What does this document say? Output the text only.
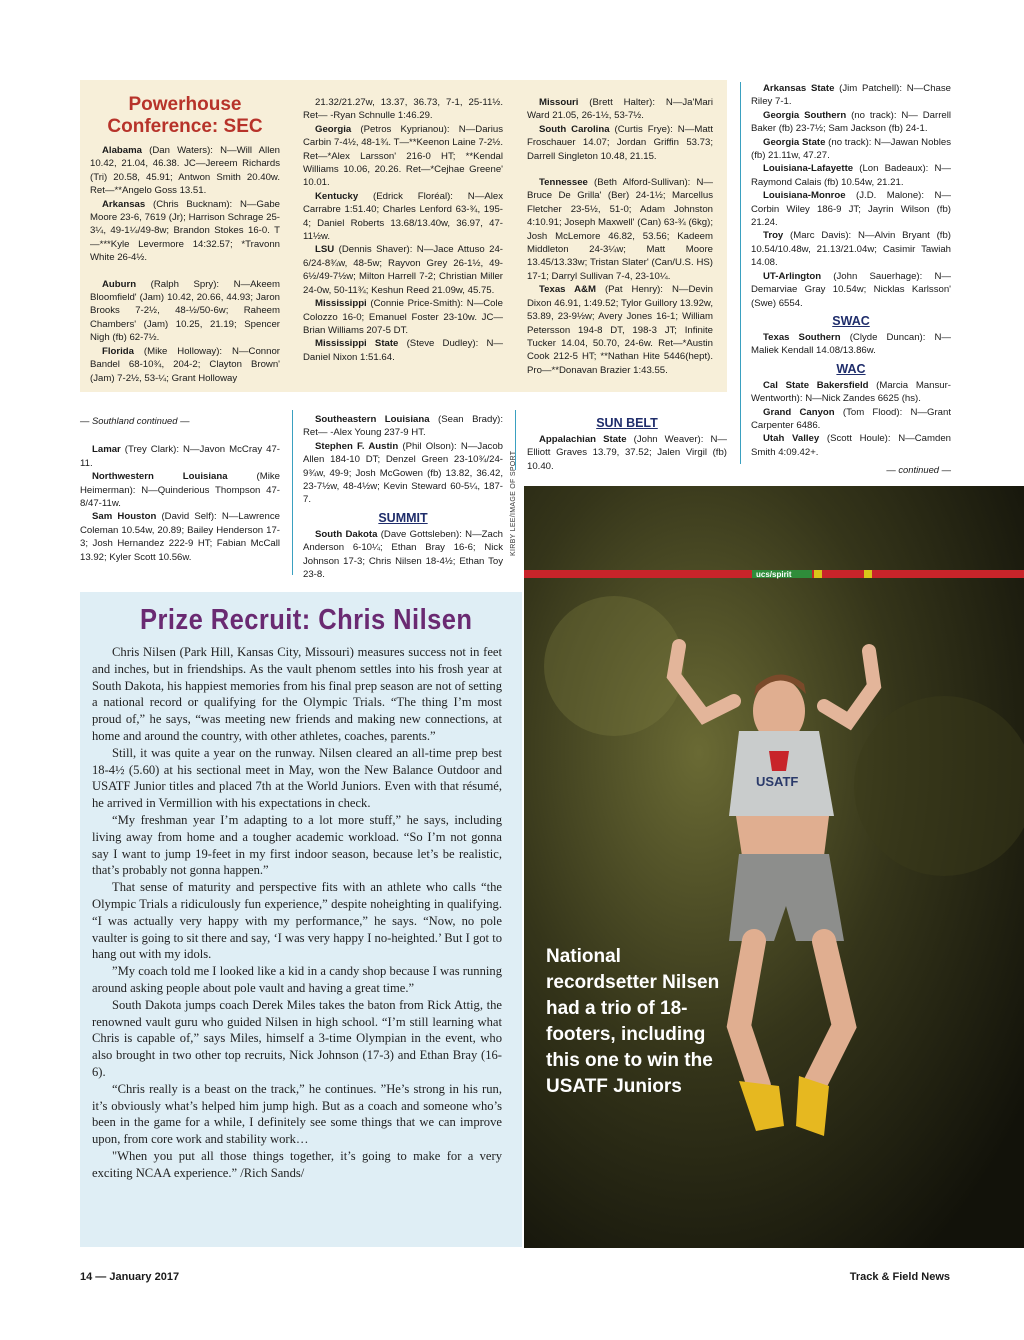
Powerhouse Conference: SEC

Alabama (Dan Waters): N—Will Allen 10.42, 21.04, 46.38. JC—Jereem Richards (Tri) 20.58, 45.91; Antwon Smith 20.40w. Ret—**Angelo Goss 13.51.

Arkansas (Chris Bucknam): N—Gabe Moore 23-6, 7619 (Jr); Harrison Schrage 25-3¼, 49-1¼/49-8w; Brandon Stokes 16-0. T—***Kyle Levermore 14:32.57; *Travonn White 26-4½.

Auburn (Ralph Spry): N—Akeem Bloomfield' (Jam) 10.42, 20.66, 44.93; Jaron Brooks 7-2½, 48-½/50-6w; Raheem Chambers' (Jam) 10.25, 21.19; Spencer Nigh (fb) 62-7½.

Florida (Mike Holloway): N—Connor Bandel 68-10¾, 204-2; Clayton Brown' (Jam) 7-2½, 53-¼; Grant Holloway

21.32/21.27w, 13.37, 36.73, 7-1, 25-11½. Ret— -Ryan Schnulle 1:46.29.

Georgia (Petros Kyprianou): N—Darius Carbin 7-4½, 48-1¾. T—**Keenon Laine 7-2½. Ret—*Alex Larsson' 216-0 HT; **Kendal Williams 10.06, 20.26. Ret—*Cejhae Greene' 10.01.

Kentucky (Edrick Floréal): N—Alex Carrabre 1:51.40; Charles Lenford 63-¾, 195-4; Daniel Roberts 13.68/13.40w, 36.97, 47-11½w.

LSU (Dennis Shaver): N—Jace Attuso 24-6/24-8¾w, 48-5w; Rayvon Grey 26-1½, 49-6½/49-7½w; Milton Harrell 7-2; Christian Miller 24-0w, 50-11¾; Keshun Reed 21.09w, 45.75.

Mississippi (Connie Price-Smith): N—Cole Colozzo 16-0; Emanuel Foster 23-10w. JC—Brian Williams 207-5 DT.

Mississippi State (Steve Dudley): N—Daniel Nixon 1:51.64.

Missouri (Brett Halter): N—Ja'Mari Ward 21.05, 26-1½, 53-7½.

South Carolina (Curtis Frye): N—Matt Froschauer 14.07; Jordan Griffin 53.73; Darrell Singleton 10.48, 21.15.

Tennessee (Beth Alford-Sullivan): N—Bruce De Grilla' (Ber) 24-1½; Marcellus Fletcher 23-5½, 51-0; Adam Johnston 4:10.91; Joseph Maxwell' (Can) 63-¾ (6kg); Josh McLemore 46.82, 53.56; Kadeem Middleton 24-3¼w; Matt Moore 13.45/13.33w; Tristan Slater' (Can/U.S. HS) 17-1; Darryl Sullivan 7-4, 23-10¼.

Texas A&M (Pat Henry): N—Devin Dixon 46.91, 1:49.52; Tylor Guillory 13.92w, 53.89, 23-9½w; Avery Jones 16-1; William Petersson 194-8 DT, 198-3 JT; Infinite Tucker 14.04, 50.70, 24-6w. Ret—*Austin Cook 212-5 HT; **Nathan Hite 5446(hept). Pro—**Donavan Brazier 1:43.55.

Arkansas State (Jim Patchell): N—Chase Riley 7-1.

Georgia Southern (no track): N— Darrell Baker (fb) 23-7½; Sam Jackson (fb) 24-1.

Georgia State (no track): N—Jawan Nobles (fb) 21.11w, 47.27.

Louisiana-Lafayette (Lon Badeaux): N—Raymond Calais (fb) 10.54w, 21.21.

Louisiana-Monroe (J.D. Malone): N—Corbin Wiley 186-9 JT; Jayrin Wilson (fb) 21.24.

Troy (Marc Davis): N—Alvin Bryant (fb) 10.54/10.48w, 21.13/21.04w; Casimir Tawiah 14.08.

UT-Arlington (John Sauerhage): N—Demarviae Gray 10.54w; Nicklas Karlsson' (Swe) 6554.

SWAC

Texas Southern (Clyde Duncan): N—Maliek Kendall 14.08/13.86w.

WAC

Cal State Bakersfield (Marcia Mansur-Wentworth): N—Nick Zandes 6625 (hs).

Grand Canyon (Tom Flood): N—Grant Carpenter 6486.

Utah Valley (Scott Houle): N—Camden Smith 4:09.42+.

— continued —
— Southland continued —

Lamar (Trey Clark): N—Javon McCray 47-11.

Northwestern Louisiana (Mike Heimerman): N—Quinderious Thompson 47-8/47-11w.

Sam Houston (David Self): N—Lawrence Coleman 10.54w, 20.89; Bailey Henderson 17-3; Josh Hernandez 222-9 HT; Fabian McCall 13.92; Kyler Scott 10.56w.

Southeastern Louisiana (Sean Brady): Ret— -Alex Young 237-9 HT.

Stephen F. Austin (Phil Olson): N—Jacob Allen 184-10 DT; Denzel Green 23-10¾/24-9¾w, 49-9; Josh McGowen (fb) 13.82, 36.42, 23-7½w, 48-4½w; Kevin Steward 60-5¼, 187-7.

SUMMIT

South Dakota (Dave Gottsleben): N—Zach Anderson 6-10¼; Ethan Bray 16-6; Nick Johnson 17-3; Chris Nilsen 18-4½; Ethan Toy 23-8.

SUN BELT

Appalachian State (John Weaver): N—Elliott Graves 13.79, 37.52; Jalen Virgil (fb) 10.40.

Prize Recruit: Chris Nilsen

Chris Nilsen (Park Hill, Kansas City, Missouri) measures success not in feet and inches, but in friendships. As the vault phenom settles into his frosh year at South Dakota, his happiest memories from his final prep season are not of setting a national record or qualifying for the Olympic Trials. “The thing I’m most proud of,” he says, “was meeting new friends and making new connections, at home and around the country, with other athletes, coaches, parents.”

Still, it was quite a year on the runway. Nilsen cleared an all-time prep best 18-4½ (5.60) at his sectional meet in May, won the New Balance Outdoor and USATF Junior titles and placed 7th at the World Juniors. Even with that résumé, he arrived in Vermillion with his expectations in check.

“My freshman year I’m adapting to a lot more stuff,” he says, including living away from home and a tougher academic workload. “So I’m not gonna say I want to jump 19-feet in my first indoor season, because let’s be realistic, that’s probably not gonna happen.”

That sense of maturity and perspective fits with an athlete who calls “the Olympic Trials a ridiculously fun experience,” despite noheighting in qualifying. “I was actually very happy with my performance,” he says. “Now, no pole vaulter is going to sit there and say, ‘I was very happy I no-heighted.’ But I got to hang out with my idols.

”My coach told me I looked like a kid in a candy shop because I was running around asking people about pole vault and having a great time.”

South Dakota jumps coach Derek Miles takes the baton from Rick Attig, the renowned vault guru who guided Nilsen in high school. “I’m still learning what Chris is capable of,” says Miles, himself a 3-time Olympian in the event, who also brought in two other top recruits, Nick Johnson (17-3) and Ethan Bray (16-6).

“Chris really is a beast on the track,” he continues. ”He’s strong in his run, it’s obviously what’s helped him jump high. But as a coach and someone who’s been in the game for a while, I definitely see some things that we can improve upon, from core work and stability work…

"When you put all those things together, it’s going to make for a very exciting NCAA experience.” /Rich Sands/

KIRBY LEE/IMAGE OF SPORT
ucs/spirit
USATF
National recordsetter Nilsen had a trio of 18-footers, including this one to win the USATF Juniors
14 — January 2017	Track & Field News
